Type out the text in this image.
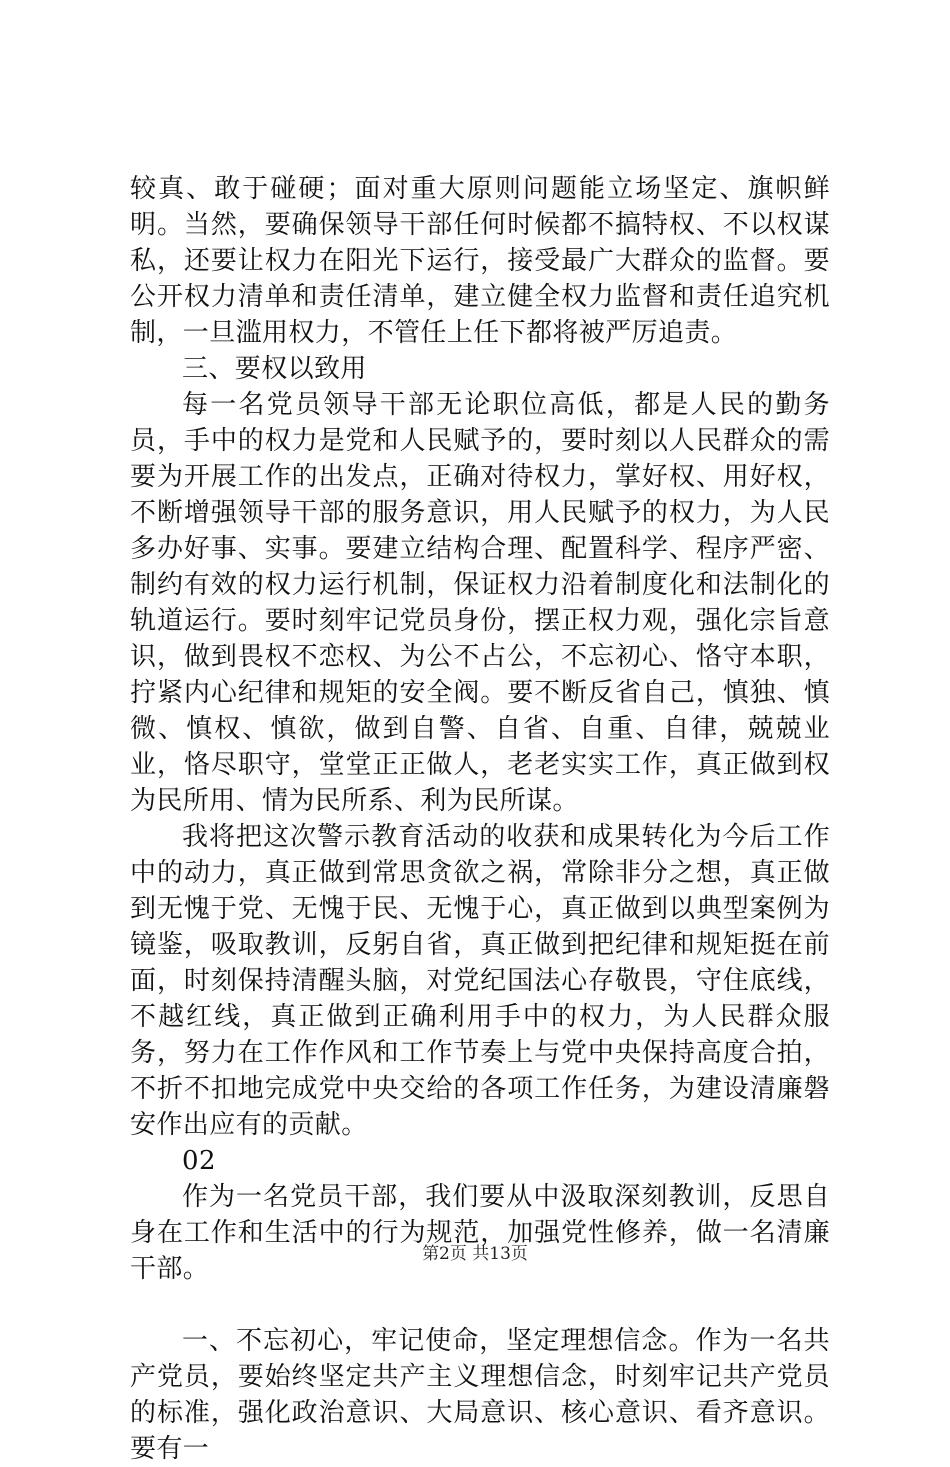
较真、敢于碰硬；面对重大原则问题能立场坚定、旗帜鲜明。当然，要确保领导干部任何时候都不搞特权、不以权谋私，还要让权力在阳光下运行，接受最广大群众的监督。要公开权力清单和责任清单，建立健全权力监督和责任追究机制，一旦滥用权力，不管任上任下都将被严厉追责。

三、要权以致用

每一名党员领导干部无论职位高低，都是人民的勤务员，手中的权力是党和人民赋予的，要时刻以人民群众的需要为开展工作的出发点，正确对待权力，掌好权、用好权，不断增强领导干部的服务意识，用人民赋予的权力，为人民多办好事、实事。要建立结构合理、配置科学、程序严密、制约有效的权力运行机制，保证权力沿着制度化和法制化的轨道运行。要时刻牢记党员身份，摆正权力观，强化宗旨意识，做到畏权不恋权、为公不占公，不忘初心、恪守本职，拧紧内心纪律和规矩的安全阀。要不断反省自己，慎独、慎微、慎权、慎欲，做到自警、自省、自重、自律，兢兢业业，恪尽职守，堂堂正正做人，老老实实工作，真正做到权为民所用、情为民所系、利为民所谋。

我将把这次警示教育活动的收获和成果转化为今后工作中的动力，真正做到常思贪欲之祸，常除非分之想，真正做到无愧于党、无愧于民、无愧于心，真正做到以典型案例为镜鉴，吸取教训，反躬自省，真正做到把纪律和规矩挺在前面，时刻保持清醒头脑，对党纪国法心存敬畏，守住底线，不越红线，真正做到正确利用手中的权力，为人民群众服务，努力在工作作风和工作节奏上与党中央保持高度合拍，不折不扣地完成党中央交给的各项工作任务，为建设清廉磐安作出应有的贡献。

02

作为一名党员干部，我们要从中汲取深刻教训，反思自身在工作和生活中的行为规范，加强党性修养，做一名清廉干部。

一、不忘初心，牢记使命，坚定理想信念。作为一名共产党员，要始终坚定共产主义理想信念，时刻牢记共产党员的标准，强化政治意识、大局意识、核心意识、看齐意识。要有一

第2页 共13页
